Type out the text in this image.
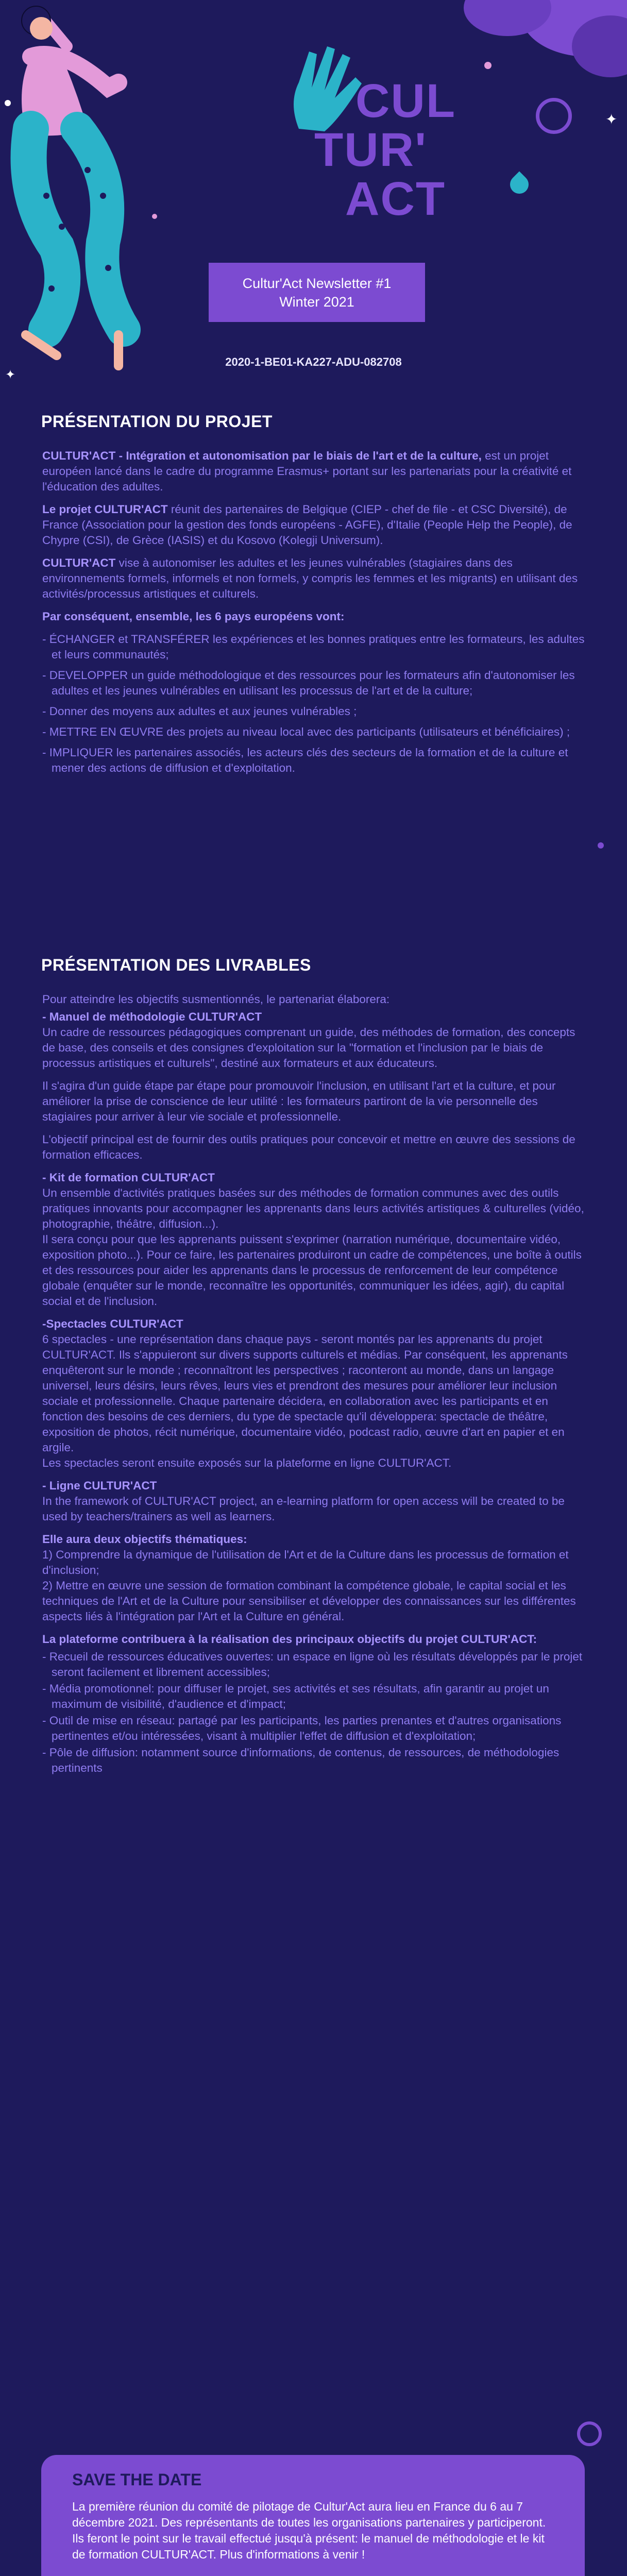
✦
✦
CUL
TUR'
ACT
Cultur'Act Newsletter #1
Winter 2021
2020-1-BE01-KA227-ADU-082708
PRÉSENTATION DU PROJET

CULTUR'ACT - Intégration et autonomisation par le biais de l'art et de la culture, est un projet européen lancé dans le cadre du programme Erasmus+ portant sur les partenariats pour la créativité et l'éducation des adultes.

Le projet CULTUR'ACT réunit des partenaires de Belgique (CIEP - chef de file - et CSC Diversité), de France (Association pour la gestion des fonds européens - AGFE), d'Italie (People Help the People), de Chypre (CSI), de Grèce (IASIS) et du Kosovo (Kolegji Universum).

CULTUR'ACT vise à autonomiser les adultes et les jeunes vulnérables (stagiaires dans des environnements formels, informels et non formels, y compris les femmes et les migrants) en utilisant des activités/processus artistiques et culturels.

Par conséquent, ensemble, les 6 pays européens vont:

- ÉCHANGER et TRANSFÉRER les expériences et les bonnes pratiques entre les formateurs, les adultes et leurs communautés;
- DEVELOPPER un guide méthodologique et des ressources pour les formateurs afin d'autonomiser les adultes et les jeunes vulnérables en utilisant les processus de l'art et de la culture;
- Donner des moyens aux adultes et aux jeunes vulnérables ;
- METTRE EN ŒUVRE des projets au niveau local avec des participants (utilisateurs et bénéficiaires) ;
- IMPLIQUER les partenaires associés, les acteurs clés des secteurs de la formation et de la culture et mener des actions de diffusion et d'exploitation.
PRÉSENTATION DES LIVRABLES

Pour atteindre les objectifs susmentionnés, le partenariat élaborera:

- Manuel de méthodologie CULTUR'ACT

Un cadre de ressources pédagogiques comprenant un guide, des méthodes de formation, des concepts de base, des conseils et des consignes d'exploitation sur la "formation et l'inclusion par le biais de processus artistiques et culturels", destiné aux formateurs et aux éducateurs.

Il s'agira d'un guide étape par étape pour promouvoir l'inclusion, en utilisant l'art et la culture, et pour améliorer la prise de conscience de leur utilité : les formateurs partiront de la vie personnelle des stagiaires pour arriver à leur vie sociale et professionnelle.

L'objectif principal est de fournir des outils pratiques pour concevoir et mettre en œuvre des sessions de formation efficaces.

- Kit de formation CULTUR'ACT

Un ensemble d'activités pratiques basées sur des méthodes de formation communes avec des outils pratiques innovants pour accompagner les apprenants dans leurs activités artistiques & culturelles (vidéo, photographie, théâtre, diffusion...).

Il sera conçu pour que les apprenants puissent s'exprimer (narration numérique, documentaire vidéo, exposition photo...). Pour ce faire, les partenaires produiront un cadre de compétences, une boîte à outils et des ressources pour aider les apprenants dans le processus de renforcement de leur compétence globale (enquêter sur le monde, reconnaître les opportunités, communiquer les idées, agir), du capital social et de l'inclusion.

-Spectacles CULTUR'ACT

6 spectacles - une représentation dans chaque pays - seront montés par les apprenants du projet CULTUR'ACT. Ils s'appuieront sur divers supports culturels et médias. Par conséquent, les apprenants enquêteront sur le monde ; reconnaîtront les perspectives ; raconteront au monde, dans un langage universel, leurs désirs, leurs rêves, leurs vies et prendront des mesures pour améliorer leur inclusion sociale et professionnelle. Chaque partenaire décidera, en collaboration avec les participants et en fonction des besoins de ces derniers, du type de spectacle qu'il développera: spectacle de théâtre, exposition de photos, récit numérique, documentaire vidéo, podcast radio, œuvre d'art en papier et en argile.

Les spectacles seront ensuite exposés sur la plateforme en ligne CULTUR'ACT.

- Ligne CULTUR'ACT

In the framework of CULTUR'ACT project, an e-learning platform for open access will be created to be used by teachers/trainers as well as learners.

Elle aura deux objectifs thématiques:

1) Comprendre la dynamique de l'utilisation de l'Art et de la Culture dans les processus de formation et d'inclusion;

2) Mettre en œuvre une session de formation combinant la compétence globale, le capital social et les techniques de l'Art et de la Culture pour sensibiliser et développer des connaissances sur les différentes aspects liés à l'intégration par l'Art et la Culture en général.

La plateforme contribuera à la réalisation des principaux objectifs du projet CULTUR'ACT:

- Recueil de ressources éducatives ouvertes: un espace en ligne où les résultats développés par le projet seront facilement et librement accessibles;
- Média promotionnel: pour diffuser le projet, ses activités et ses résultats, afin garantir au projet un maximum de visibilité, d'audience et d'impact;
- Outil de mise en réseau: partagé par les participants, les parties prenantes et d'autres organisations pertinentes et/ou intéressées, visant à multiplier l'effet de diffusion et d'exploitation;
- Pôle de diffusion: notamment source d'informations, de contenus, de ressources, de méthodologies pertinents
SAVE THE DATE
La première réunion du comité de pilotage de Cultur'Act aura lieu en France du 6 au 7 décembre 2021. Des représentants de toutes les organisations partenaires y participeront. Ils feront le point sur le travail effectué jusqu'à présent: le manuel de méthodologie et le kit de formation CULTUR'ACT. Plus d'informations à venir !
